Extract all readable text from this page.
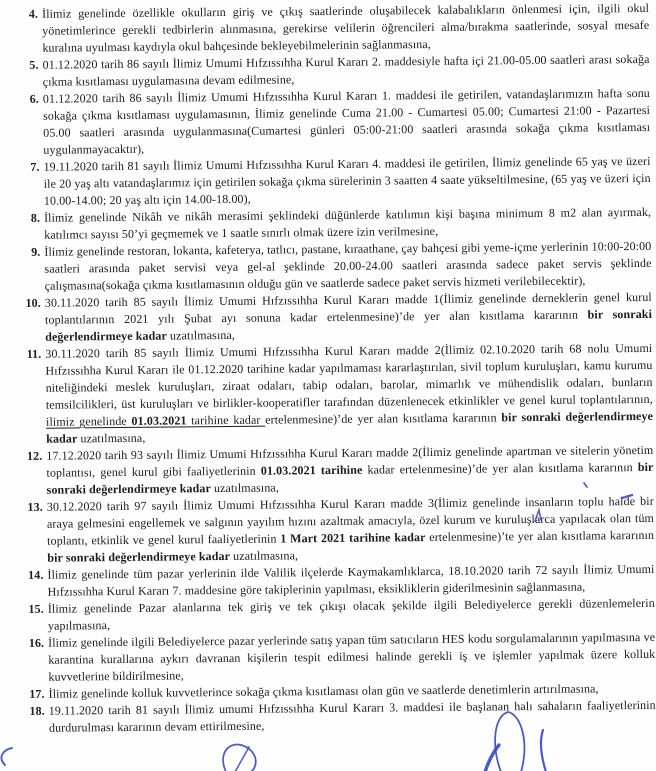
4. İlimiz genelinde özellikle okulların giriş ve çıkış saatlerinde oluşabilecek kalabalıkların önlenmesi için, ilgili okul yönetimlerince gerekli tedbirlerin alınmasına, gerekirse velilerin öğrencileri alma/bırakma saatlerinde, sosyal mesafe kuralına uyulması kaydıyla okul bahçesinde bekleyebilmelerinin sağlanmasına,
5. 01.12.2020 tarih 86 sayılı İlimiz Umumi Hıfzıssıhha Kurul Kararı 2. maddesiyle hafta içi 21.00-05.00 saatleri arası sokağa çıkma kısıtlaması uygulamasına devam edilmesine,
6. 01.12.2020 tarih 86 sayılı İlimiz Umumi Hıfzıssıhha Kurul Kararı 1. maddesi ile getirilen, vatandaşlarımızın hafta sonu sokağa çıkma kısıtlaması uygulamasının, İlimiz genelinde Cuma 21.00 - Cumartesi 05.00; Cumartesi 21:00 - Pazartesi 05.00 saatleri arasında uygulanmasına(Cumartesi günleri 05:00-21:00 saatleri arasında sokağa çıkma kısıtlaması uygulanmayacaktır),
7. 19.11.2020 tarih 81 sayılı İlimiz Umumi Hıfzıssıhha Kurul Kararı 4. maddesi ile getirilen, İlimiz genelinde 65 yaş ve üzeri ile 20 yaş altı vatandaşlarımız için getirilen sokağa çıkma sürelerinin 3 saatten 4 saate yükseltilmesine, (65 yaş ve üzeri için 10.00-14.00; 20 yaş altı için 14.00-18.00),
8. İlimiz genelinde Nikâh ve nikâh merasimi şeklindeki düğünlerde katılımın kişi başına minimum 8 m2 alan ayırmak, katılımcı sayısı 50’yi geçmemek ve 1 saatle sınırlı olmak üzere izin verilmesine,
9. İlimiz genelinde restoran, lokanta, kafeterya, tatlıcı, pastane, kıraathane, çay bahçesi gibi yeme-içme yerlerinin 10:00-20:00 saatleri arasında paket servisi veya gel-al şeklinde 20.00-24.00 saatleri arasında sadece paket servis şeklinde çalışmasına(sokağa çıkma kısıtlamasının olduğu gün ve saatlerde sadece paket servis hizmeti verilebilecektir),
10. 30.11.2020 tarih 85 sayılı İlimiz Umumi Hıfzıssıhha Kurul Kararı madde 1(İlimiz genelinde derneklerin genel kurul toplantılarının 2021 yılı Şubat ayı sonuna kadar ertelenmesine)’de yer alan kısıtlama kararının bir sonraki değerlendirmeye kadar uzatılmasına,
11. 30.11.2020 tarih 85 sayılı İlimiz Umumi Hıfzıssıhha Kurul Kararı madde 2(İlimiz 02.10.2020 tarih 68 nolu Umumi Hıfzıssıhha Kurul Kararı ile 01.12.2020 tarihine kadar yapılmaması kararlaştırılan, sivil toplum kuruluşları, kamu kurumu niteliğindeki meslek kuruluşları, ziraat odaları, tabip odaları, barolar, mimarlık ve mühendislik odaları, bunların temsilcilikleri, üst kuruluşları ve birlikler-kooperatifler tarafından düzenlenecek etkinlikler ve genel kurul toplantılarının, ilimiz genelinde 01.03.2021 tarihine kadar ertelenmesine)’de yer alan kısıtlama kararının bir sonraki değerlendirmeye kadar uzatılmasına,
12. 17.12.2020 tarih 93 sayılı İlimiz Umumi Hıfzıssıhha Kurul Kararı madde 2(İlimiz genelinde apartman ve sitelerin yönetim toplantısı, genel kurul gibi faaliyetlerinin 01.03.2021 tarihine kadar ertelenmesine)’de yer alan kısıtlama kararının bir sonraki değerlendirmeye kadar uzatılmasına,
13. 30.12.2020 tarih 97 sayılı İlimiz Umumi Hıfzıssıhha Kurul Kararı madde 3(İlimiz genelinde insanların toplu halde bir araya gelmesini engellemek ve salgının yayılım hızını azaltmak amacıyla, özel kurum ve kuruluşlarca yapılacak olan tüm toplantı, etkinlik ve genel kurul faaliyetlerinin 1 Mart 2021 tarihine kadar ertelenmesine)’te yer alan kısıtlama kararının bir sonraki değerlendirmeye kadar uzatılmasına,
14. İlimiz genelinde tüm pazar yerlerinin ilde Valilik ilçelerde Kaymakamlıklarca, 18.10.2020 tarih 72 sayılı İlimiz Umumi Hıfzıssıhha Kurul Kararı 7. maddesine göre takiplerinin yapılması, eksikliklerin giderilmesinin sağlanmasına,
15. İlimiz genelinde Pazar alanlarına tek giriş ve tek çıkışı olacak şekilde ilgili Belediyelerce gerekli düzenlemelerin yapılmasına,
16. İlimiz genelinde ilgili Belediyelerce pazar yerlerinde satış yapan tüm satıcıların HES kodu sorgulamalarının yapılmasına ve karantina kurallarına aykırı davranan kişilerin tespit edilmesi halinde gerekli iş ve işlemler yapılmak üzere kolluk kuvvetlerine bildirilmesine,
17. İlimiz genelinde kolluk kuvvetlerince sokağa çıkma kısıtlaması olan gün ve saatlerde denetimlerin artırılmasına,
18. 19.11.2020 tarih 81 sayılı İlimiz umumi Hıfzıssıhha Kurul Kararı 3. maddesi ile başlanan halı sahaların faaliyetlerinin durdurulması kararının devam ettirilmesine,
